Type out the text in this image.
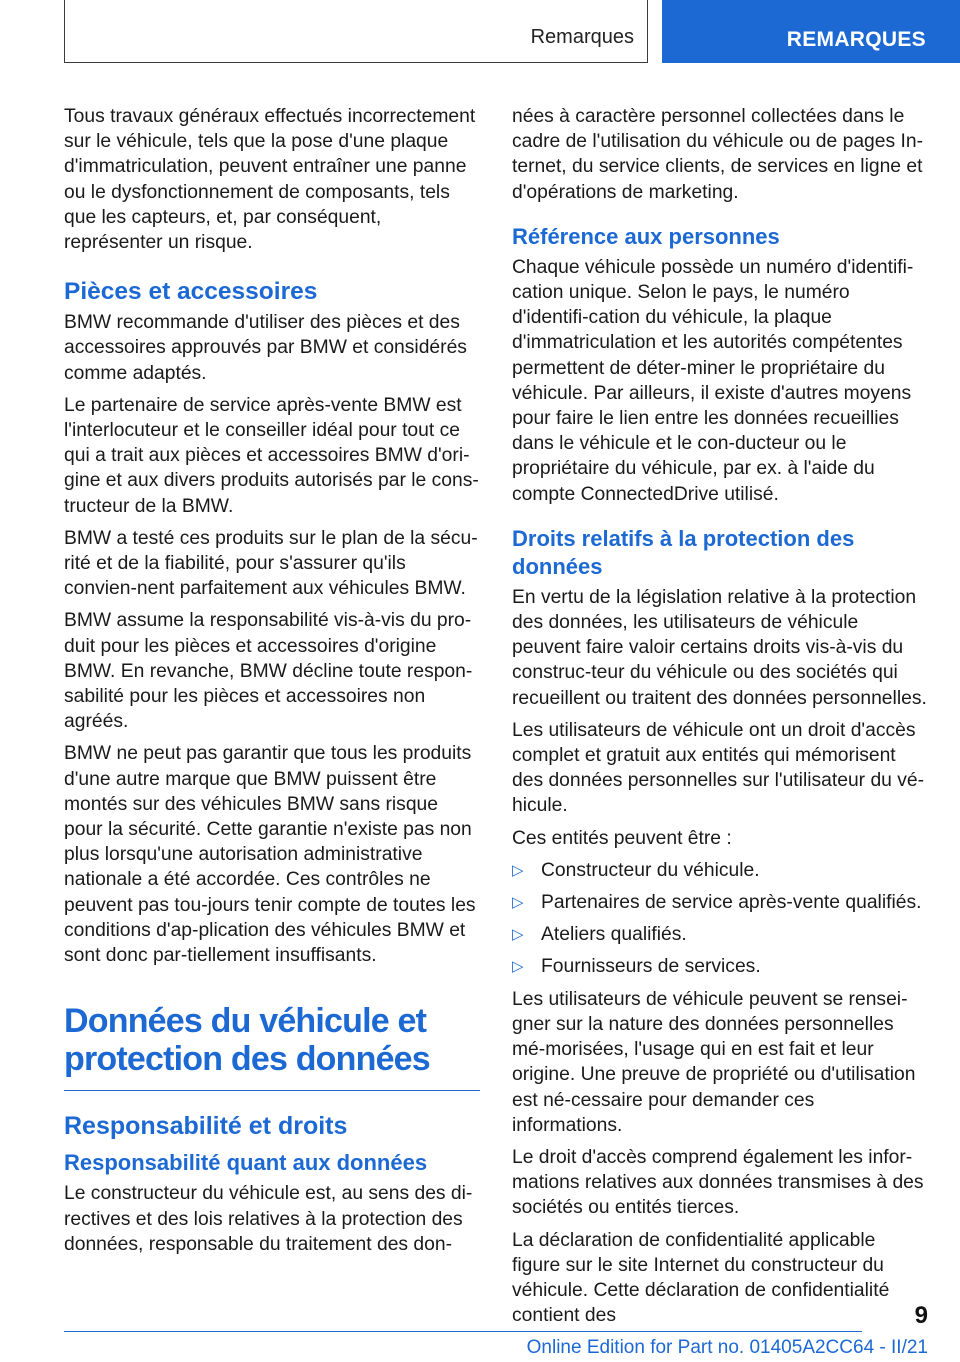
Remarques	REMARQUES

Tous travaux généraux effectués incorrectement sur le véhicule, tels que la pose d'une plaque d'immatriculation, peuvent entraîner une panne ou le dysfonctionnement de composants, tels que les capteurs, et, par conséquent, représenter un risque.

Pièces et accessoires

BMW recommande d'utiliser des pièces et des accessoires approuvés par BMW et considérés comme adaptés.

Le partenaire de service après-vente BMW est l'interlocuteur et le conseiller idéal pour tout ce qui a trait aux pièces et accessoires BMW d'ori-gine et aux divers produits autorisés par le cons-tructeur de la BMW.

BMW a testé ces produits sur le plan de la sécu-rité et de la fiabilité, pour s'assurer qu'ils convien-nent parfaitement aux véhicules BMW.

BMW assume la responsabilité vis-à-vis du pro-duit pour les pièces et accessoires d'origine BMW. En revanche, BMW décline toute respon-sabilité pour les pièces et accessoires non agréés.

BMW ne peut pas garantir que tous les produits d'une autre marque que BMW puissent être montés sur des véhicules BMW sans risque pour la sécurité. Cette garantie n'existe pas non plus lorsqu'une autorisation administrative nationale a été accordée. Ces contrôles ne peuvent pas tou-jours tenir compte de toutes les conditions d'ap-plication des véhicules BMW et sont donc par-tiellement insuffisants.

Données du véhicule et protection des données
Responsabilité et droits
Responsabilité quant aux données

Le constructeur du véhicule est, au sens des di-rectives et des lois relatives à la protection des données, responsable du traitement des don-

nées à caractère personnel collectées dans le cadre de l'utilisation du véhicule ou de pages In-ternet, du service clients, de services en ligne et d'opérations de marketing.

Référence aux personnes

Chaque véhicule possède un numéro d'identifi-cation unique. Selon le pays, le numéro d'identifi-cation du véhicule, la plaque d'immatriculation et les autorités compétentes permettent de déter-miner le propriétaire du véhicule. Par ailleurs, il existe d'autres moyens pour faire le lien entre les données recueillies dans le véhicule et le con-ducteur ou le propriétaire du véhicule, par ex. à l'aide du compte ConnectedDrive utilisé.

Droits relatifs à la protection des données

En vertu de la législation relative à la protection des données, les utilisateurs de véhicule peuvent faire valoir certains droits vis-à-vis du construc-teur du véhicule ou des sociétés qui recueillent ou traitent des données personnelles.

Les utilisateurs de véhicule ont un droit d'accès complet et gratuit aux entités qui mémorisent des données personnelles sur l'utilisateur du vé-hicule.

Ces entités peuvent être :

▷ Constructeur du véhicule.
▷ Partenaires de service après-vente qualifiés.
▷ Ateliers qualifiés.
▷ Fournisseurs de services.

Les utilisateurs de véhicule peuvent se rensei-gner sur la nature des données personnelles mé-morisées, l'usage qui en est fait et leur origine. Une preuve de propriété ou d'utilisation est né-cessaire pour demander ces informations.

Le droit d'accès comprend également les infor-mations relatives aux données transmises à des sociétés ou entités tierces.

La déclaration de confidentialité applicable figure sur le site Internet du constructeur du véhicule. Cette déclaration de confidentialité contient des	9
Online Edition for Part no. 01405A2CC64 - II/21
